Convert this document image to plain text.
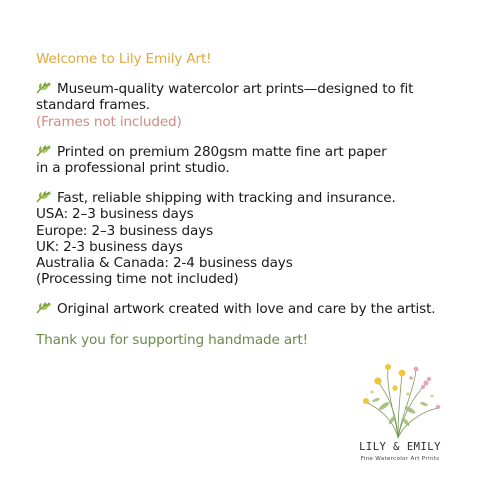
Welcome to Lily Emily Art!
Museum-quality watercolor art prints—designed to fit
standard frames.
(Frames not included)
Printed on premium 280gsm matte fine art paper
in a professional print studio.
Fast, reliable shipping with tracking and insurance.
USA: 2–3 business days
Europe: 2–3 business days
UK: 2-3 business days
Australia & Canada: 2-4 business days
(Processing time not included)
Original artwork created with love and care by the artist.
Thank you for supporting handmade art!
LILY & EMILY
Fine Watercolor Art Prints
